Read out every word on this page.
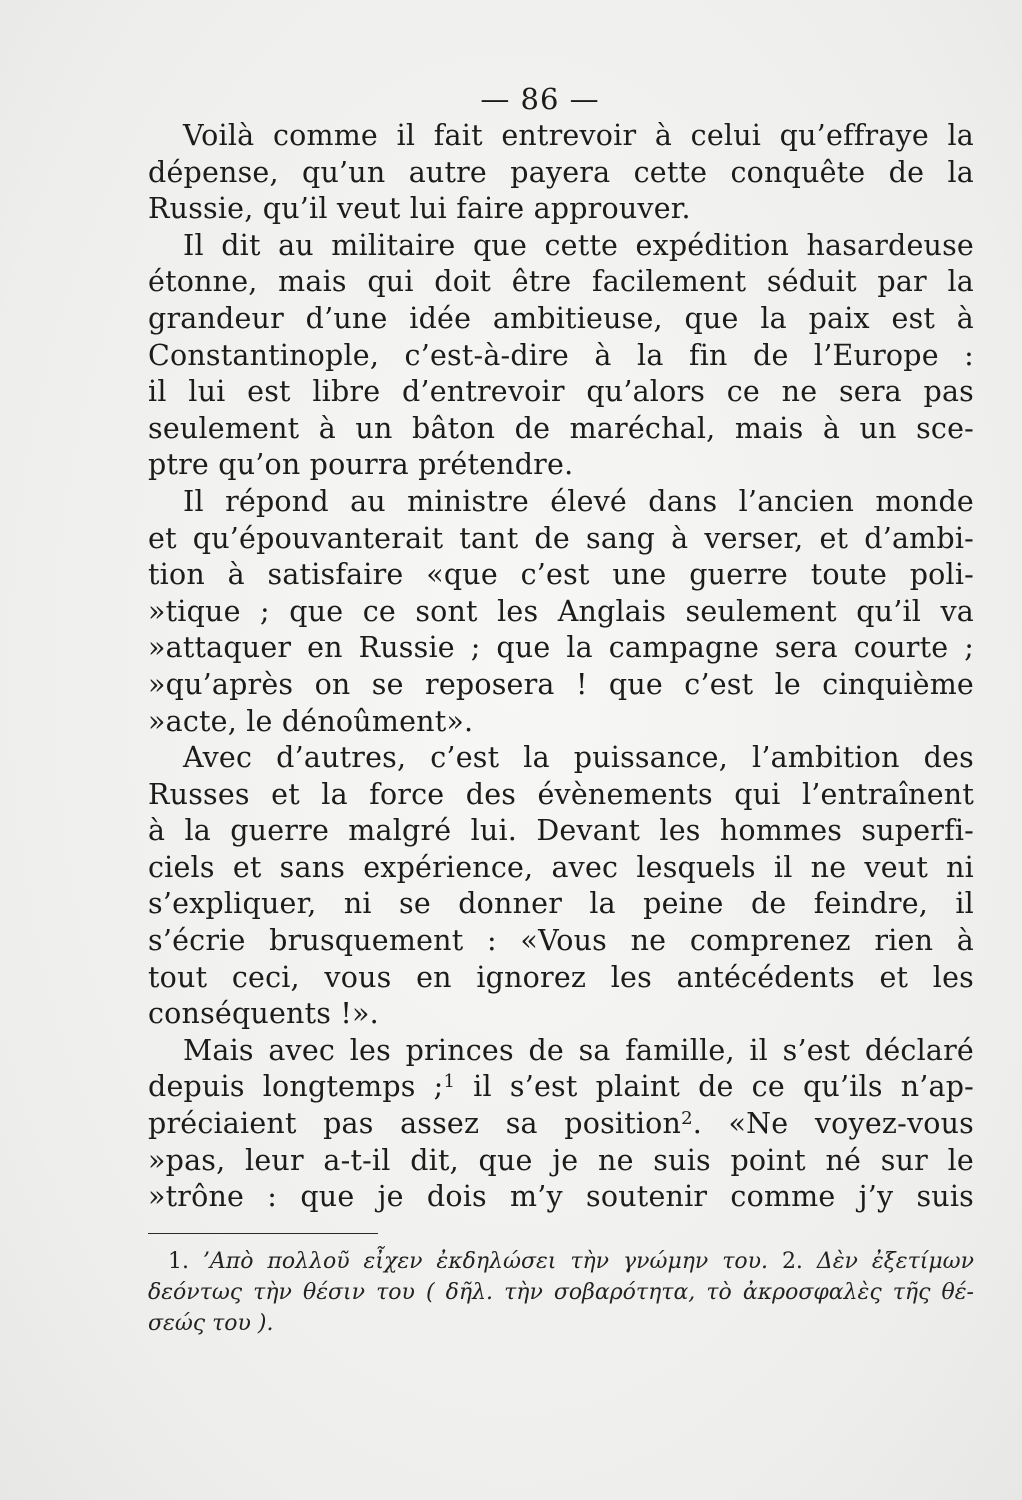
— 86 —

Voilà comme il fait entrevoir à celui qu’effraye la
dépense, qu’un autre payera cette conquête de la
Russie, qu’il veut lui faire approuver.

Il dit au militaire que cette expédition hasardeuse
étonne, mais qui doit être facilement séduit par la
grandeur d’une idée ambitieuse, que la paix est à
Constantinople, c’est-à-dire à la fin de l’Europe :
il lui est libre d’entrevoir qu’alors ce ne sera pas
seulement à un bâton de maréchal, mais à un sce-
ptre qu’on pourra prétendre.

Il répond au ministre élevé dans l’ancien monde
et qu’épouvanterait tant de sang à verser, et d’ambi-
tion à satisfaire «que c’est une guerre toute poli-
»tique ; que ce sont les Anglais seulement qu’il va
»attaquer en Russie ; que la campagne sera courte ;
»qu’après on se reposera ! que c’est le cinquième
»acte, le dénoûment».

Avec d’autres, c’est la puissance, l’ambition des
Russes et la force des évènements qui l’entraînent
à la guerre malgré lui. Devant les hommes superfi-
ciels et sans expérience, avec lesquels il ne veut ni
s’expliquer, ni se donner la peine de feindre, il
s’écrie brusquement : «Vous ne comprenez rien à
tout ceci, vous en ignorez les antécédents et les
conséquents !».

Mais avec les princes de sa famille, il s’est déclaré
depuis longtemps ;$^1$ il s’est plaint de ce qu’ils n’ap-
préciaient pas assez sa position$^2$. «Ne voyez-vous
»pas, leur a-t-il dit, que je ne suis point né sur le
»trône : que je dois m’y soutenir comme j’y suis

1. ’Απὸ πολλοῦ εἶχεν ἐκδηλώσει τὴν γνώμην του. 2. Δὲν ἐξετίμων
δεόντως τὴν θέσιν του ( δῆλ. τὴν σοβαρότητα, τὸ ἀκροσφαλὲς τῆς θέ-
σεώς του ).
